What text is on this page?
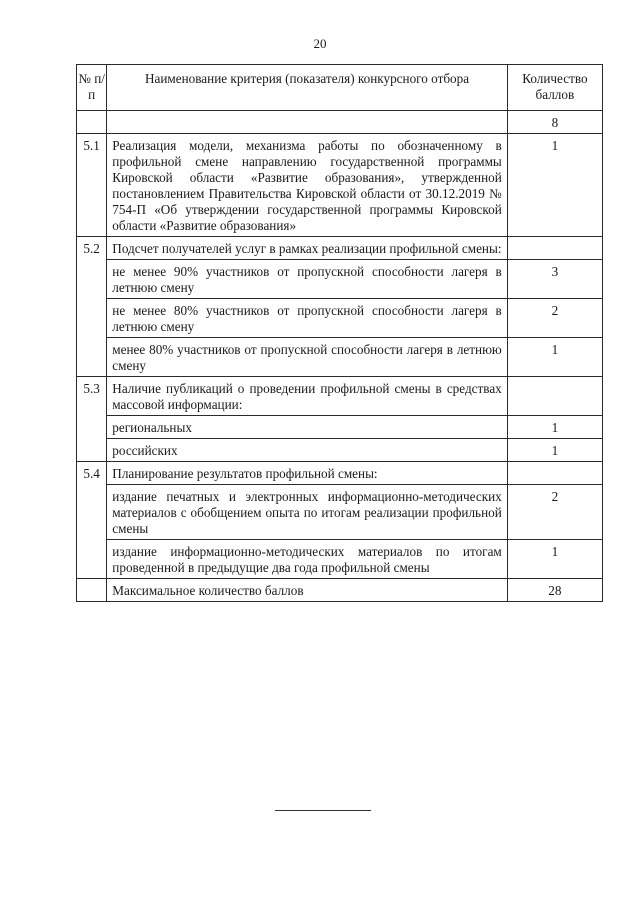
20
№ п/п	Наименование критерия (показателя) конкурсного отбора	Количество баллов
		8
5.1	Реализация модели, механизма работы по обозначенному в профильной смене направлению государственной программы Кировской области «Развитие образования», утвержденной постановлением Правительства Кировской области от 30.12.2019 № 754-П «Об утверждении государственной программы Кировской области «Развитие образования»	1
5.2	Подсчет получателей услуг в рамках реализации профильной смены:	
	не менее 90% участников от пропускной способности лагеря в летнюю смену	3
	не менее 80% участников от пропускной способности лагеря в летнюю смену	2
	менее 80% участников от пропускной способности лагеря в летнюю смену	1
5.3	Наличие публикаций о проведении профильной смены в средствах массовой информации:	
	региональных	1
	российских	1
5.4	Планирование результатов профильной смены:	
	издание печатных и электронных информационно-методических материалов с обобщением опыта по итогам реализации профильной смены	2
	издание информационно-методических материалов по итогам проведенной в предыдущие два года профильной смены	1
	Максимальное количество баллов	28
